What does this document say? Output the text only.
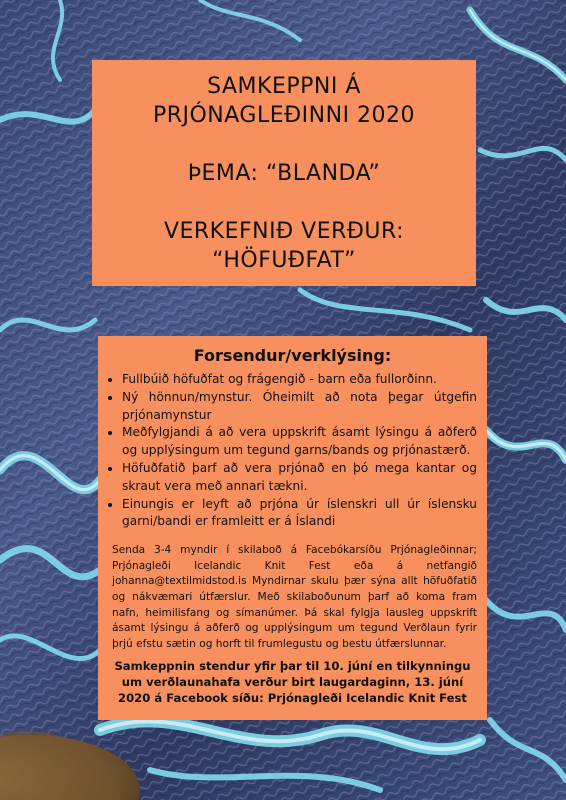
SAMKEPPNI Á
PRJÓNAGLEÐINNI 2020
ÞEMA: “BLANDA”
VERKEFNIÐ VERÐUR:
“HÖFUÐFAT”
Forsendur/verklýsing:
• Fullbúið höfuðfat og frágengið - barn eða fullorðinn.
• Ný hönnun/mynstur. Óheimilt að nota þegar útgefin prjónamynstur
• Meðfylgjandi á að vera uppskrift ásamt lýsingu á aðferð og upplýsingum um tegund garns/bands og prjónastærð.
• Höfuðfatið þarf að vera prjónað en þó mega kantar og skraut vera með annari tækni.
• Einungis er leyft að prjóna úr íslenskri ull úr íslensku garni/bandi er framleitt er á Íslandi
Senda 3-4 myndir í skilaboð á Facebókarsíðu Prjónagleðinnar; Prjónagleði Icelandic Knit Fest eða á netfangið johanna@textilmidstod.is Myndirnar skulu þær sýna allt höfuðfatið og nákvæmari útfærslur. Með skilaboðunum þarf að koma fram nafn, heimilisfang og símanúmer. Þá skal fylgja lausleg uppskrift ásamt lýsingu á aðferð og upplýsingum um tegund Verðlaun fyrir þrjú efstu sætin og horft til frumlegustu og bestu útfærslunnar.
Samkeppnin stendur yfir þar til 10. júní en tilkynningu um verðlaunahafa verður birt laugardaginn, 13. júní 2020 á Facebook síðu: Prjónagleði Icelandic Knit Fest
